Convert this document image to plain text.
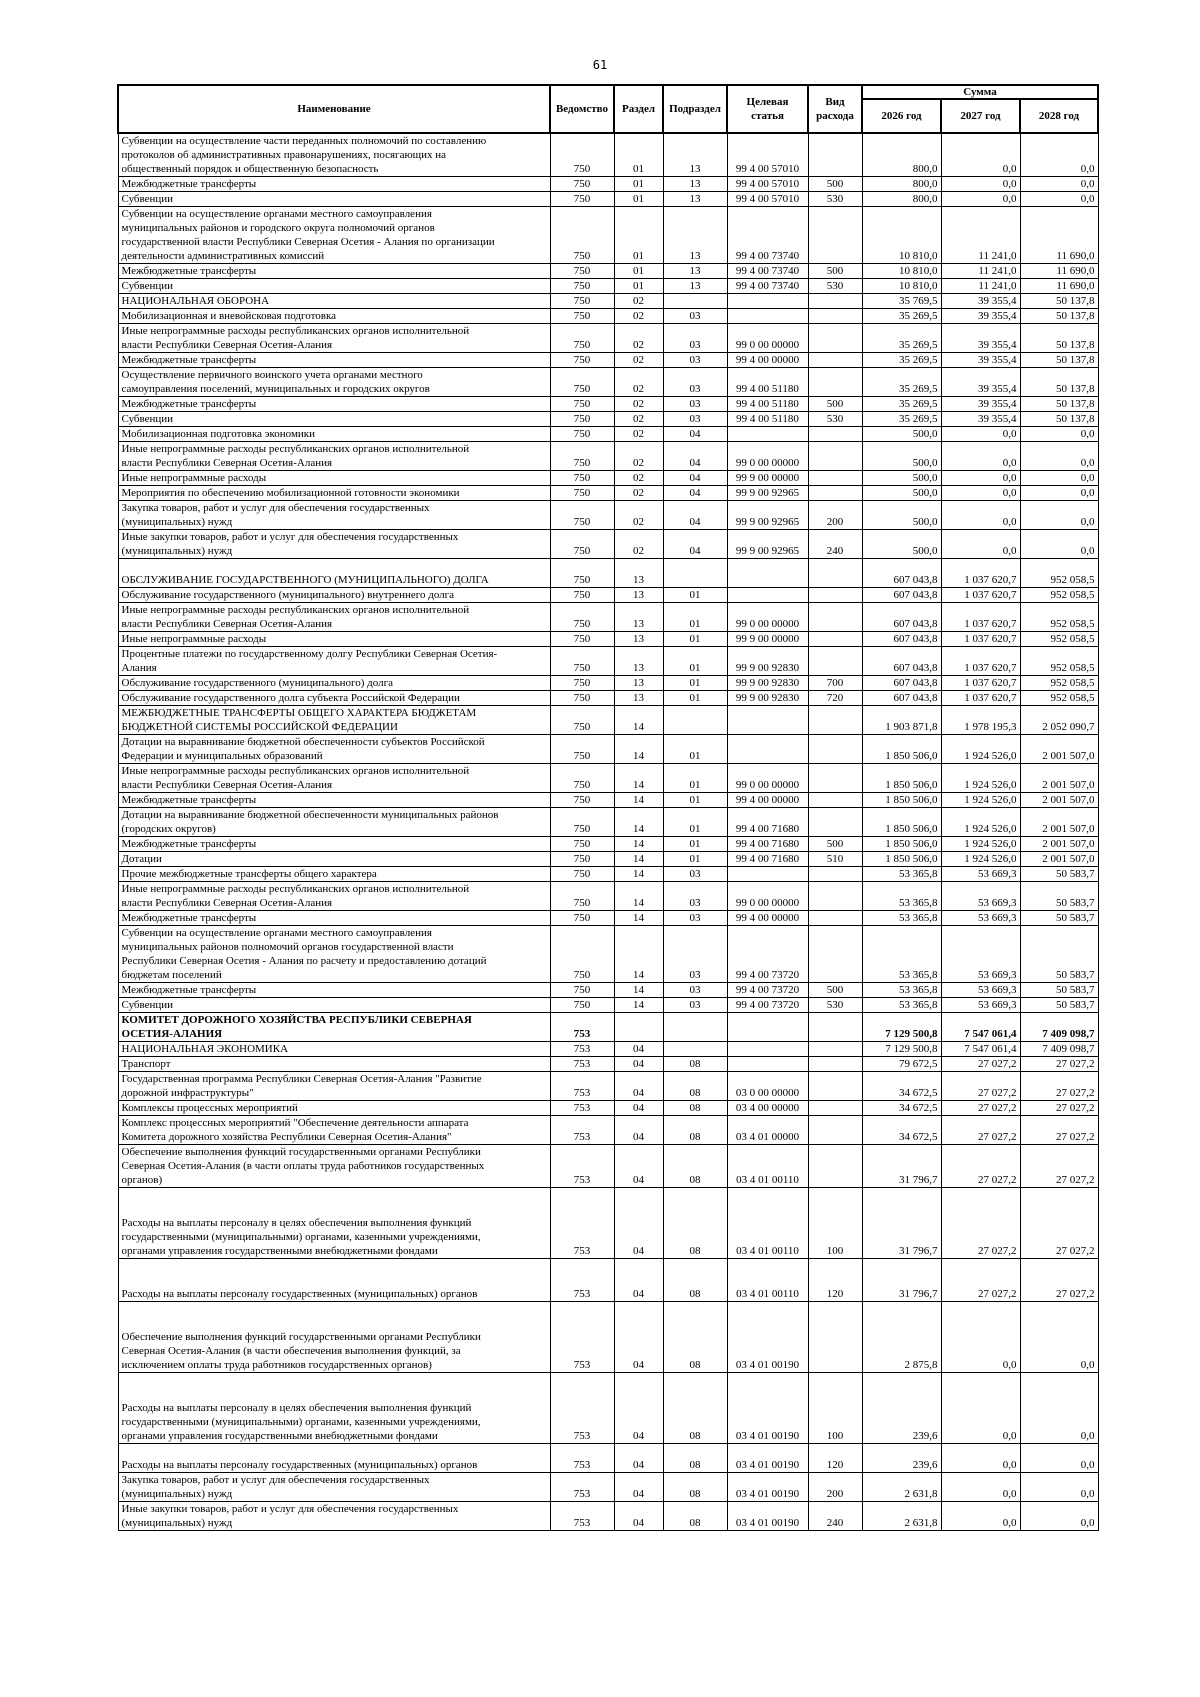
61
Наименование	Ведомство	Раздел	Подраздел	Целевая статья	Вид расхода	Сумма		
						2026 год	2027 год	2028 год
Субвенции на осуществление части переданных полномочий по составлению
протоколов об административных правонарушениях, посягающих на
общественный порядок и общественную безопасность	750	01	13	99 4 00 57010		800,0	0,0	0,0
Межбюджетные трансферты	750	01	13	99 4 00 57010	500	800,0	0,0	0,0
Субвенции	750	01	13	99 4 00 57010	530	800,0	0,0	0,0
Субвенции на осуществление органами местного самоуправления
муниципальных районов и городского округа полномочий органов
государственной власти Республики Северная Осетия - Алания по организации
деятельности административных комиссий	750	01	13	99 4 00 73740		10 810,0	11 241,0	11 690,0
Межбюджетные трансферты	750	01	13	99 4 00 73740	500	10 810,0	11 241,0	11 690,0
Субвенции	750	01	13	99 4 00 73740	530	10 810,0	11 241,0	11 690,0
НАЦИОНАЛЬНАЯ ОБОРОНА	750	02				35 769,5	39 355,4	50 137,8
Мобилизационная и вневойсковая подготовка	750	02	03			35 269,5	39 355,4	50 137,8
Иные непрограммные расходы республиканских органов исполнительной
власти Республики Северная Осетия-Алания	750	02	03	99 0 00 00000		35 269,5	39 355,4	50 137,8
Межбюджетные трансферты	750	02	03	99 4 00 00000		35 269,5	39 355,4	50 137,8
Осуществление первичного воинского учета органами местного
самоуправления поселений, муниципальных и городских округов	750	02	03	99 4 00 51180		35 269,5	39 355,4	50 137,8
Межбюджетные трансферты	750	02	03	99 4 00 51180	500	35 269,5	39 355,4	50 137,8
Субвенции	750	02	03	99 4 00 51180	530	35 269,5	39 355,4	50 137,8
Мобилизационная подготовка экономики	750	02	04			500,0	0,0	0,0
Иные непрограммные расходы республиканских органов исполнительной
власти Республики Северная Осетия-Алания	750	02	04	99 0 00 00000		500,0	0,0	0,0
Иные непрограммные расходы	750	02	04	99 9 00 00000		500,0	0,0	0,0
Мероприятия по обеспечению мобилизационной готовности экономики	750	02	04	99 9 00 92965		500,0	0,0	0,0
Закупка товаров, работ и услуг для обеспечения государственных
(муниципальных) нужд	750	02	04	99 9 00 92965	200	500,0	0,0	0,0
Иные закупки товаров, работ и услуг для обеспечения государственных
(муниципальных) нужд	750	02	04	99 9 00 92965	240	500,0	0,0	0,0
ОБСЛУЖИВАНИЕ ГОСУДАРСТВЕННОГО (МУНИЦИПАЛЬНОГО) ДОЛГА	750	13				607 043,8	1 037 620,7	952 058,5
Обслуживание государственного (муниципального) внутреннего долга	750	13	01			607 043,8	1 037 620,7	952 058,5
Иные непрограммные расходы республиканских органов исполнительной
власти Республики Северная Осетия-Алания	750	13	01	99 0 00 00000		607 043,8	1 037 620,7	952 058,5
Иные непрограммные расходы	750	13	01	99 9 00 00000		607 043,8	1 037 620,7	952 058,5
Процентные платежи по государственному долгу Республики Северная Осетия-
Алания	750	13	01	99 9 00 92830		607 043,8	1 037 620,7	952 058,5
Обслуживание государственного (муниципального) долга	750	13	01	99 9 00 92830	700	607 043,8	1 037 620,7	952 058,5
Обслуживание государственного долга субъекта Российской Федерации	750	13	01	99 9 00 92830	720	607 043,8	1 037 620,7	952 058,5
МЕЖБЮДЖЕТНЫЕ ТРАНСФЕРТЫ ОБЩЕГО ХАРАКТЕРА БЮДЖЕТАМ
БЮДЖЕТНОЙ СИСТЕМЫ РОССИЙСКОЙ ФЕДЕРАЦИИ	750	14				1 903 871,8	1 978 195,3	2 052 090,7
Дотации на выравнивание бюджетной обеспеченности субъектов Российской
Федерации и муниципальных образований	750	14	01			1 850 506,0	1 924 526,0	2 001 507,0
Иные непрограммные расходы республиканских органов исполнительной
власти Республики Северная Осетия-Алания	750	14	01	99 0 00 00000		1 850 506,0	1 924 526,0	2 001 507,0
Межбюджетные трансферты	750	14	01	99 4 00 00000		1 850 506,0	1 924 526,0	2 001 507,0
Дотации на выравнивание бюджетной обеспеченности муниципальных районов
(городских округов)	750	14	01	99 4 00 71680		1 850 506,0	1 924 526,0	2 001 507,0
Межбюджетные трансферты	750	14	01	99 4 00 71680	500	1 850 506,0	1 924 526,0	2 001 507,0
Дотации	750	14	01	99 4 00 71680	510	1 850 506,0	1 924 526,0	2 001 507,0
Прочие межбюджетные трансферты общего характера	750	14	03			53 365,8	53 669,3	50 583,7
Иные непрограммные расходы республиканских органов исполнительной
власти Республики Северная Осетия-Алания	750	14	03	99 0 00 00000		53 365,8	53 669,3	50 583,7
Межбюджетные трансферты	750	14	03	99 4 00 00000		53 365,8	53 669,3	50 583,7
Субвенции на осуществление органами местного самоуправления
муниципальных районов полномочий органов государственной власти
Республики Северная Осетия - Алания по расчету и предоставлению дотаций
бюджетам поселений	750	14	03	99 4 00 73720		53 365,8	53 669,3	50 583,7
Межбюджетные трансферты	750	14	03	99 4 00 73720	500	53 365,8	53 669,3	50 583,7
Субвенции	750	14	03	99 4 00 73720	530	53 365,8	53 669,3	50 583,7
КОМИТЕТ ДОРОЖНОГО ХОЗЯЙСТВА РЕСПУБЛИКИ СЕВЕРНАЯ
ОСЕТИЯ-АЛАНИЯ	753					7 129 500,8	7 547 061,4	7 409 098,7
НАЦИОНАЛЬНАЯ ЭКОНОМИКА	753	04				7 129 500,8	7 547 061,4	7 409 098,7
Транспорт	753	04	08			79 672,5	27 027,2	27 027,2
Государственная программа Республики Северная Осетия-Алания "Развитие
дорожной инфраструктуры"	753	04	08	03 0 00 00000		34 672,5	27 027,2	27 027,2
Комплексы процессных мероприятий	753	04	08	03 4 00 00000		34 672,5	27 027,2	27 027,2
Комплекс процессных мероприятий "Обеспечение деятельности аппарата
Комитета дорожного хозяйства Республики Северная Осетия-Алания"	753	04	08	03 4 01 00000		34 672,5	27 027,2	27 027,2
Обеспечение выполнения функций государственными органами Республики
Северная Осетия-Алания (в части оплаты труда работников государственных
органов)	753	04	08	03 4 01 00110		31 796,7	27 027,2	27 027,2
Расходы на выплаты персоналу в целях обеспечения выполнения функций
государственными (муниципальными) органами, казенными учреждениями,
органами управления государственными внебюджетными фондами	753	04	08	03 4 01 00110	100	31 796,7	27 027,2	27 027,2
Расходы на выплаты персоналу государственных (муниципальных) органов	753	04	08	03 4 01 00110	120	31 796,7	27 027,2	27 027,2
Обеспечение выполнения функций государственными органами Республики
Северная Осетия-Алания (в части обеспечения выполнения функций, за
исключением оплаты труда работников государственных органов)	753	04	08	03 4 01 00190		2 875,8	0,0	0,0
Расходы на выплаты персоналу в целях обеспечения выполнения функций
государственными (муниципальными) органами, казенными учреждениями,
органами управления государственными внебюджетными фондами	753	04	08	03 4 01 00190	100	239,6	0,0	0,0
Расходы на выплаты персоналу государственных (муниципальных) органов	753	04	08	03 4 01 00190	120	239,6	0,0	0,0
Закупка товаров, работ и услуг для обеспечения государственных
(муниципальных) нужд	753	04	08	03 4 01 00190	200	2 631,8	0,0	0,0
Иные закупки товаров, работ и услуг для обеспечения государственных
(муниципальных) нужд	753	04	08	03 4 01 00190	240	2 631,8	0,0	0,0
